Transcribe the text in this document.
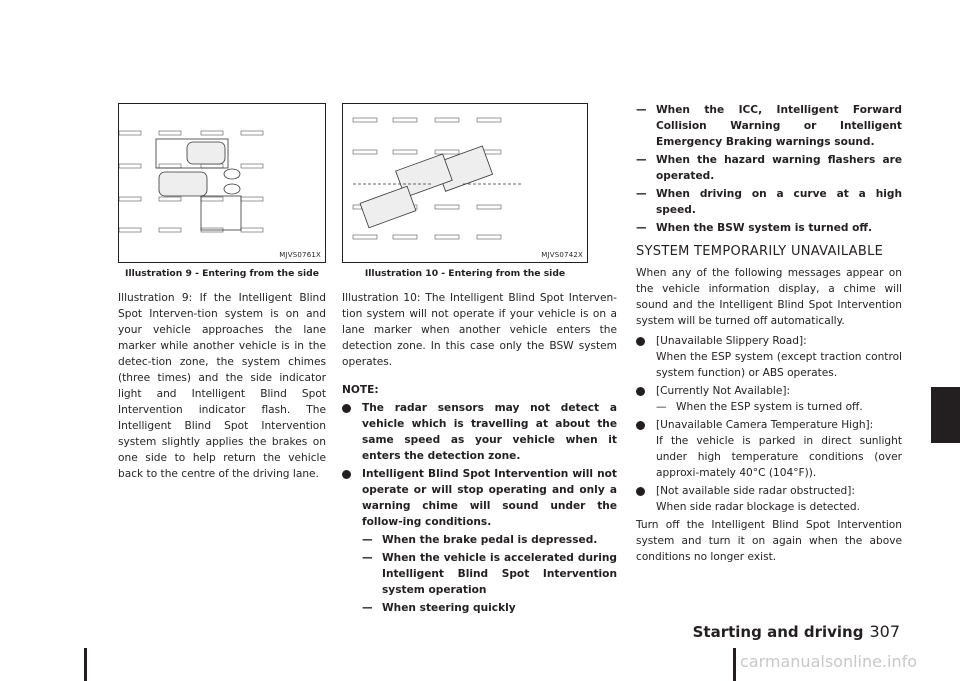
MJVS0761X
Illustration 9 - Entering from the side
MJVS0742X
Illustration 10 - Entering from the side

Illustration 9: If the Intelligent Blind Spot Interven-tion system is on and your vehicle approaches the lane marker while another vehicle is in the detec-tion zone, the system chimes (three times) and the side indicator light and Intelligent Blind Spot Intervention indicator flash. The Intelligent Blind Spot Intervention system slightly applies the brakes on one side to help return the vehicle back to the centre of the driving lane.

Illustration 10: The Intelligent Blind Spot Interven-tion system will not operate if your vehicle is on a lane marker when another vehicle enters the detection zone. In this case only the BSW system operates.

NOTE:

The radar sensors may not detect a vehicle which is travelling at about the same speed as your vehicle when it enters the detection zone.

Intelligent Blind Spot Intervention will not operate or will stop operating and only a warning chime will sound under the follow-ing conditions.

— When the brake pedal is depressed.

— When the vehicle is accelerated during Intelligent Blind Spot Intervention system operation

— When steering quickly

— When the ICC, Intelligent Forward Collision Warning or Intelligent Emergency Braking warnings sound.

— When the hazard warning flashers are operated.

— When driving on a curve at a high speed.

— When the BSW system is turned off.

SYSTEM TEMPORARILY UNAVAILABLE

When any of the following messages appear on the vehicle information display, a chime will sound and the Intelligent Blind Spot Intervention system will be turned off automatically.

[Unavailable Slippery Road]:

When the ESP system (except traction control system function) or ABS operates.

[Currently Not Available]:

— When the ESP system is turned off.

[Unavailable Camera Temperature High]:

If the vehicle is parked in direct sunlight under high temperature conditions (over approxi-mately 40°C (104°F)).

[Not available side radar obstructed]:

When side radar blockage is detected.

Turn off the Intelligent Blind Spot Intervention system and turn it on again when the above conditions no longer exist.

Starting and driving 307
carmanualsonline.info
